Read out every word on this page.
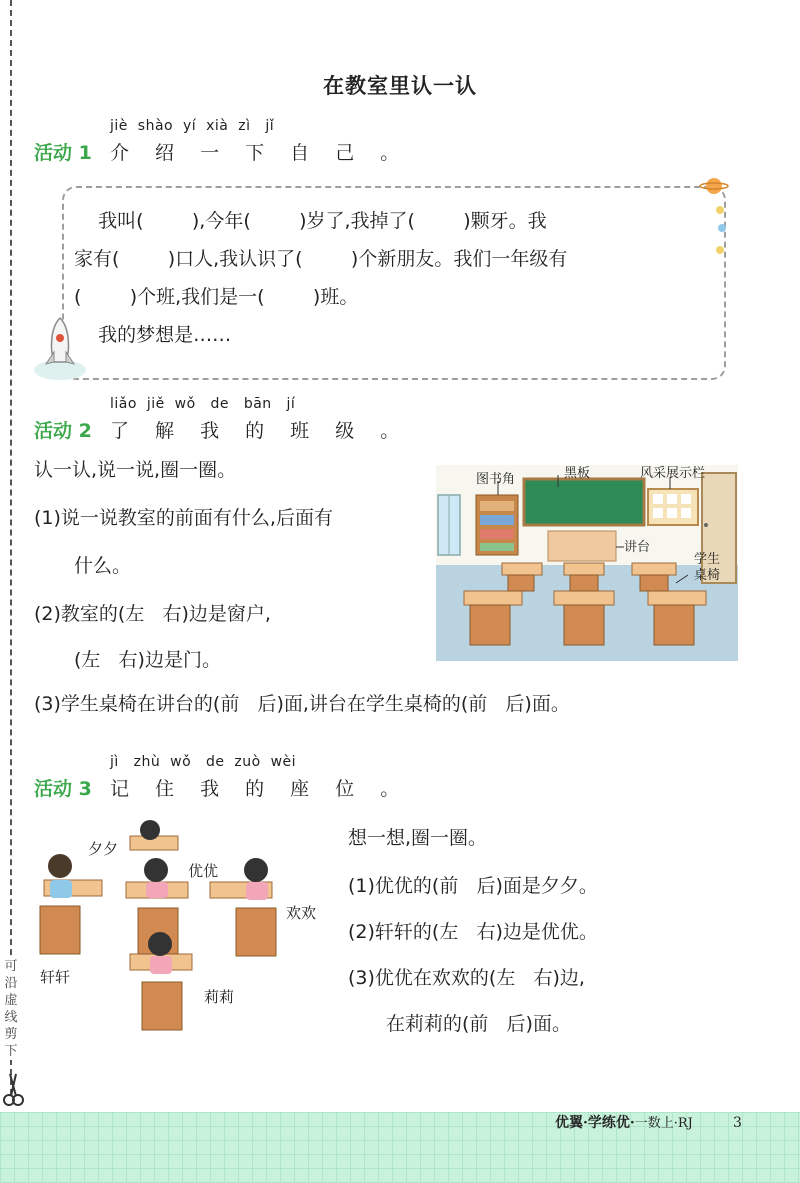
可
沿
虚
线
剪
下
在教室里认一认
jiè  shào  yí  xià  zì   jǐ
活动 1 介 绍 一 下 自 己 。
我叫(        ),今年(        )岁了,我掉了(        )颗牙。我
家有(        )口人,我认识了(        )个新朋友。我们一年级有
(        )个班,我们是一(        )班。
我的梦想是……
liǎo  jiě  wǒ   de   bān   jí
活动 2 了 解 我 的 班 级 。
认一认,说一说,圈一圈。
(1)说一说教室的前面有什么,后面有
什么。
(2)教室的(左   右)边是窗户,
(左   右)边是门。
(3)学生桌椅在讲台的(前   后)面,讲台在学生桌椅的(前   后)面。
图书角	黑板	风采展示栏
讲台
学生
桌椅
jì   zhù  wǒ   de  zuò  wèi
活动 3 记 住 我 的 座 位 。
夕夕
优优
欢欢
轩轩
莉莉
想一想,圈一圈。
(1)优优的(前   后)面是夕夕。
(2)轩轩的(左   右)边是优优。
(3)优优在欢欢的(左   右)边,
在莉莉的(前   后)面。
优翼·学练优·一数上·RJ	3
